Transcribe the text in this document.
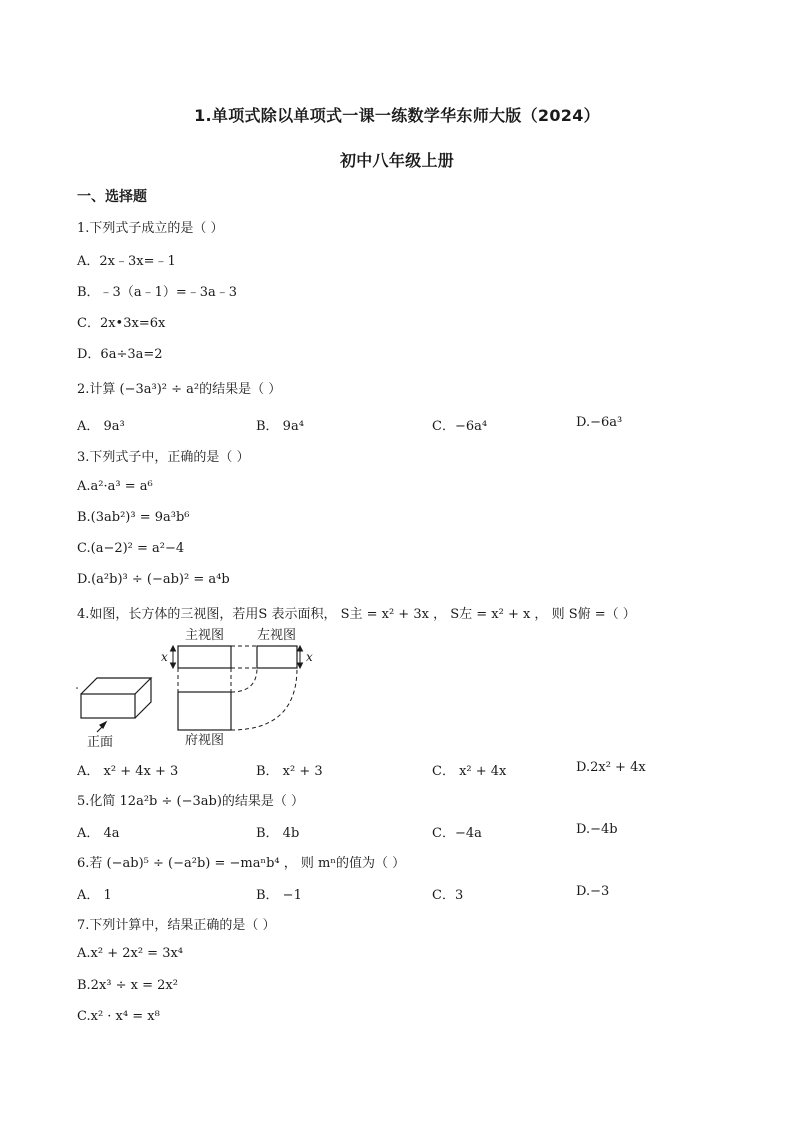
1.单项式除以单项式一课一练数学华东师大版（2024）
初中八年级上册
一、选择题
1.下列式子成立的是（ ）
A．2x﹣3x=﹣1
B．﹣3（a﹣1）=﹣3a﹣3
C．2x•3x=6x
D．6a÷3a=2
2.计算 (−3a³)² ÷ a²的结果是（ ）
A． 9a³	B． 9a⁴	C．−6a⁴	D.−6a³
3.下列式子中，正确的是（ ）
A.a²·a³ = a⁶
B.(3ab²)³ = 9a³b⁶
C.(a−2)² = a²−4
D.(a²b)³ ÷ (−ab)² = a⁴b
4.如图，长方体的三视图，若用S 表示面积， S主 = x² + 3x ， S左 = x² + x ， 则 S俯 =（ ）
正面
主视图
x
左视图
x
府视图
A． x² + 4x + 3	B． x² + 3	C． x² + 4x	D.2x² + 4x
5.化简 12a²b ÷ (−3ab)的结果是（ ）
A． 4a	B． 4b	C．−4a	D.−4b
6.若 (−ab)⁵ ÷ (−a²b) = −maⁿb⁴ ， 则 mⁿ的值为（ ）
A． 1	B． −1	C．3	D.−3
7.下列计算中，结果正确的是（ ）
A.x² + 2x² = 3x⁴
B.2x³ ÷ x = 2x²
C.x² · x⁴ = x⁸
